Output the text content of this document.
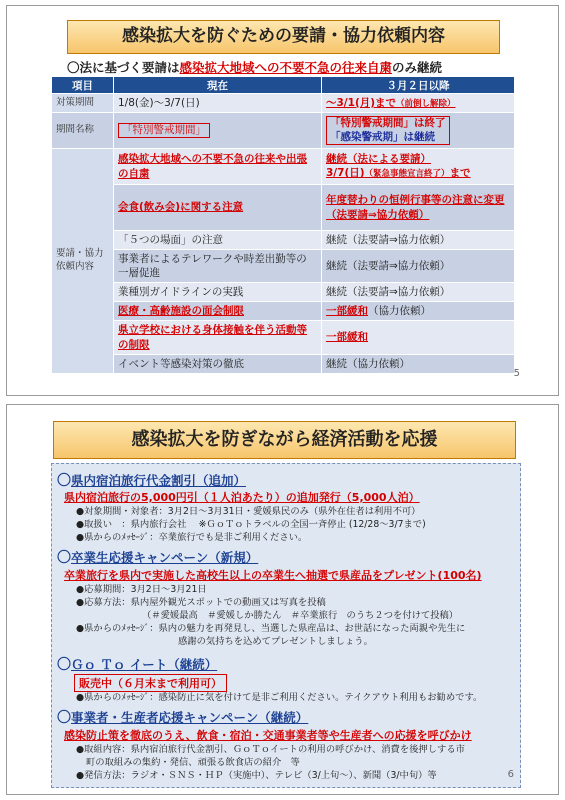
感染拡大を防ぐための要請・協力依頼内容
〇法に基づく要請は感染拡大地域への不要不急の往来自粛のみ継続
項目	現在	３月２日以降
対策期間	1/8(金)～3/7(日)	～3/1(月)まで（前倒し解除）
期間名称	「特別警戒期間」	「特別警戒期間」は終了
「感染警戒期」は継続
要請・協力依頼内容	感染拡大地域への不要不急の往来や出張の自粛	継続（法による要請）
3/7(日)（緊急事態宣言終了）まで
	会食(飲み会)に関する注意	年度替わりの恒例行事等の注意に変更（法要請⇒協力依頼）
	「５つの場面」の注意	継続（法要請⇒協力依頼）
	事業者によるテレワークや時差出勤等の一層促進	継続（法要請⇒協力依頼）
	業種別ガイドラインの実践	継続（法要請⇒協力依頼）
	医療・高齢施設の面会制限	一部緩和（協力依頼）
	県立学校における身体接触を伴う活動等の制限	一部緩和
	イベント等感染対策の徹底	継続（協力依頼）
5
感染拡大を防ぎながら経済活動を応援
〇県内宿泊旅行代金割引（追加）
県内宿泊旅行の5,000円引（１人泊あたり）の追加発行（5,000人泊）
●対象期間・対象者：3月2日～3月31日・愛媛県民のみ（県外在住者は利用不可）
●取扱い　：県内旅行会社　 ※ＧｏＴｏトラベルの全国一斉停止 (12/28～3/7まで)
●県からのﾒｯｾｰｼﾞ：卒業旅行でも是非ご利用ください。
〇卒業生応援キャンペーン（新規）
卒業旅行を県内で実施した高校生以上の卒業生へ抽選で県産品をプレゼント(100名)
●応募期間：3月2日～3月21日
●応募方法：県内屋外観光スポットでの動画又は写真を投稿
（＃愛媛最高　＃愛媛しか勝たん　＃卒業旅行　のうち２つを付けて投稿）
●県からのﾒｯｾｰｼﾞ：県内の魅力を再発見し、当選した県産品は、お世話になった両親や先生に
感謝の気持ちを込めてプレゼントしましょう。
〇Ｇｏ Ｔｏ イート（継続）
販売中（６月末まで利用可）
●県からのﾒｯｾｰｼﾞ：感染防止に気を付けて是非ご利用ください。テイクアウト利用もお勧めです。
〇事業者・生産者応援キャンペーン（継続）
感染防止策を徹底のうえ、飲食・宿泊・交通事業者等や生産者への応援を呼びかけ
●取組内容：県内宿泊旅行代金割引、ＧｏＴｏイートの利用の呼びかけ、消費を後押しする市
町の取組みの集約・発信、頑張る飲食店の紹介　等
●発信方法：ラジオ・ＳＮＳ・ＨＰ（実施中）、テレビ（3/上旬～）、新聞（3/中旬）等	6
